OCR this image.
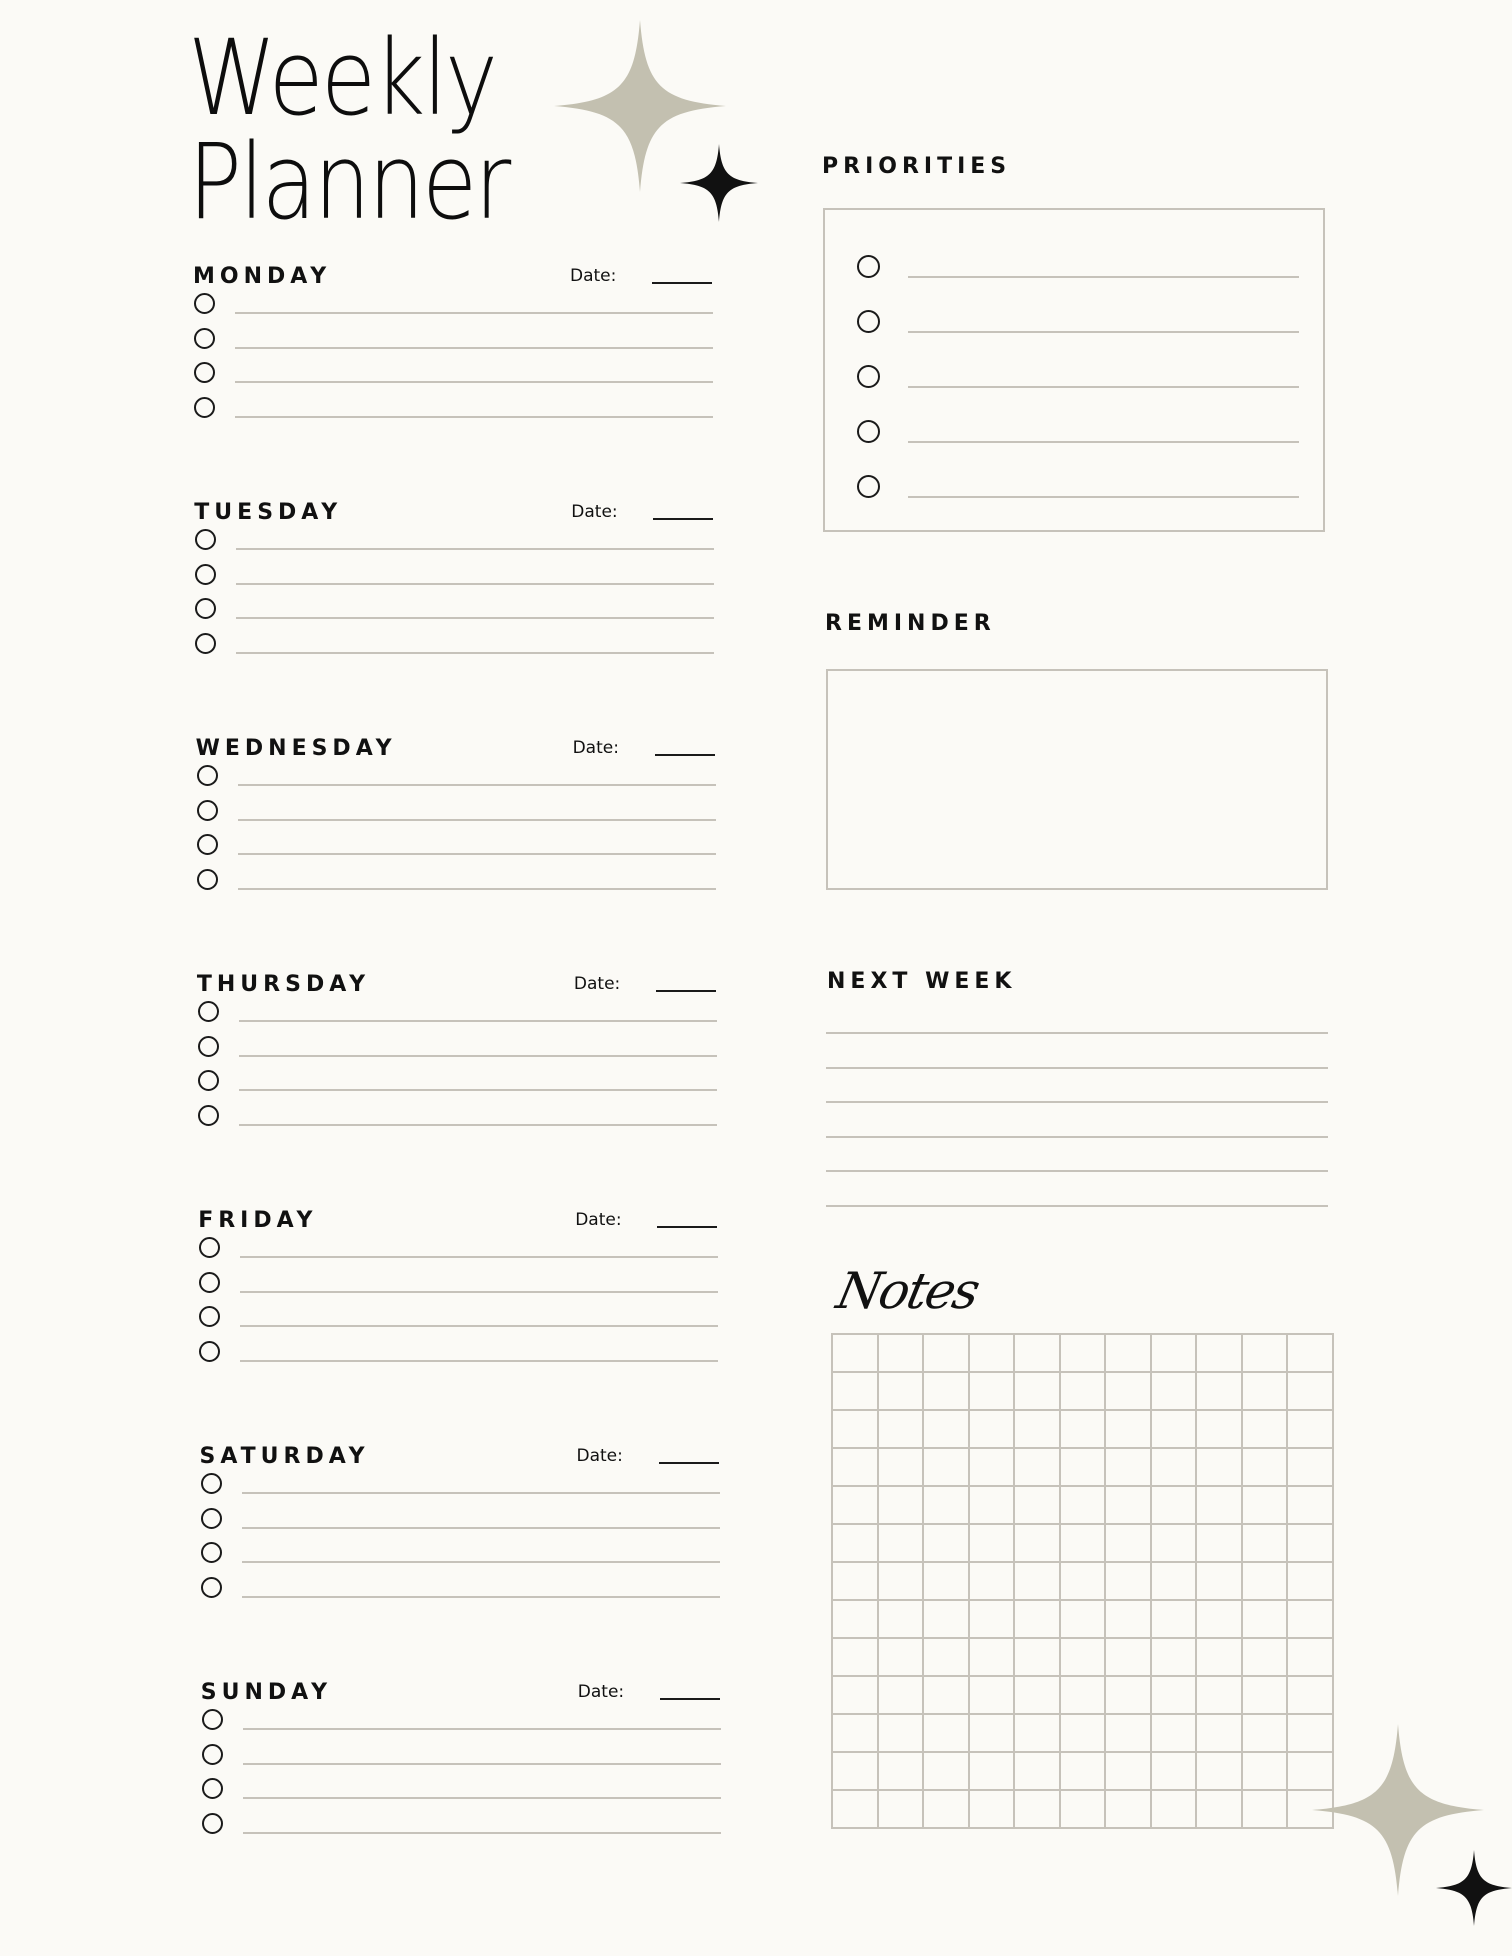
Weekly
Planner
MONDAY	Date:
TUESDAY	Date:
WEDNESDAY	Date:
THURSDAY	Date:
FRIDAY	Date:
SATURDAY	Date:
SUNDAY	Date:
PRIORITIES
REMINDER
NEXT WEEK
Notes
